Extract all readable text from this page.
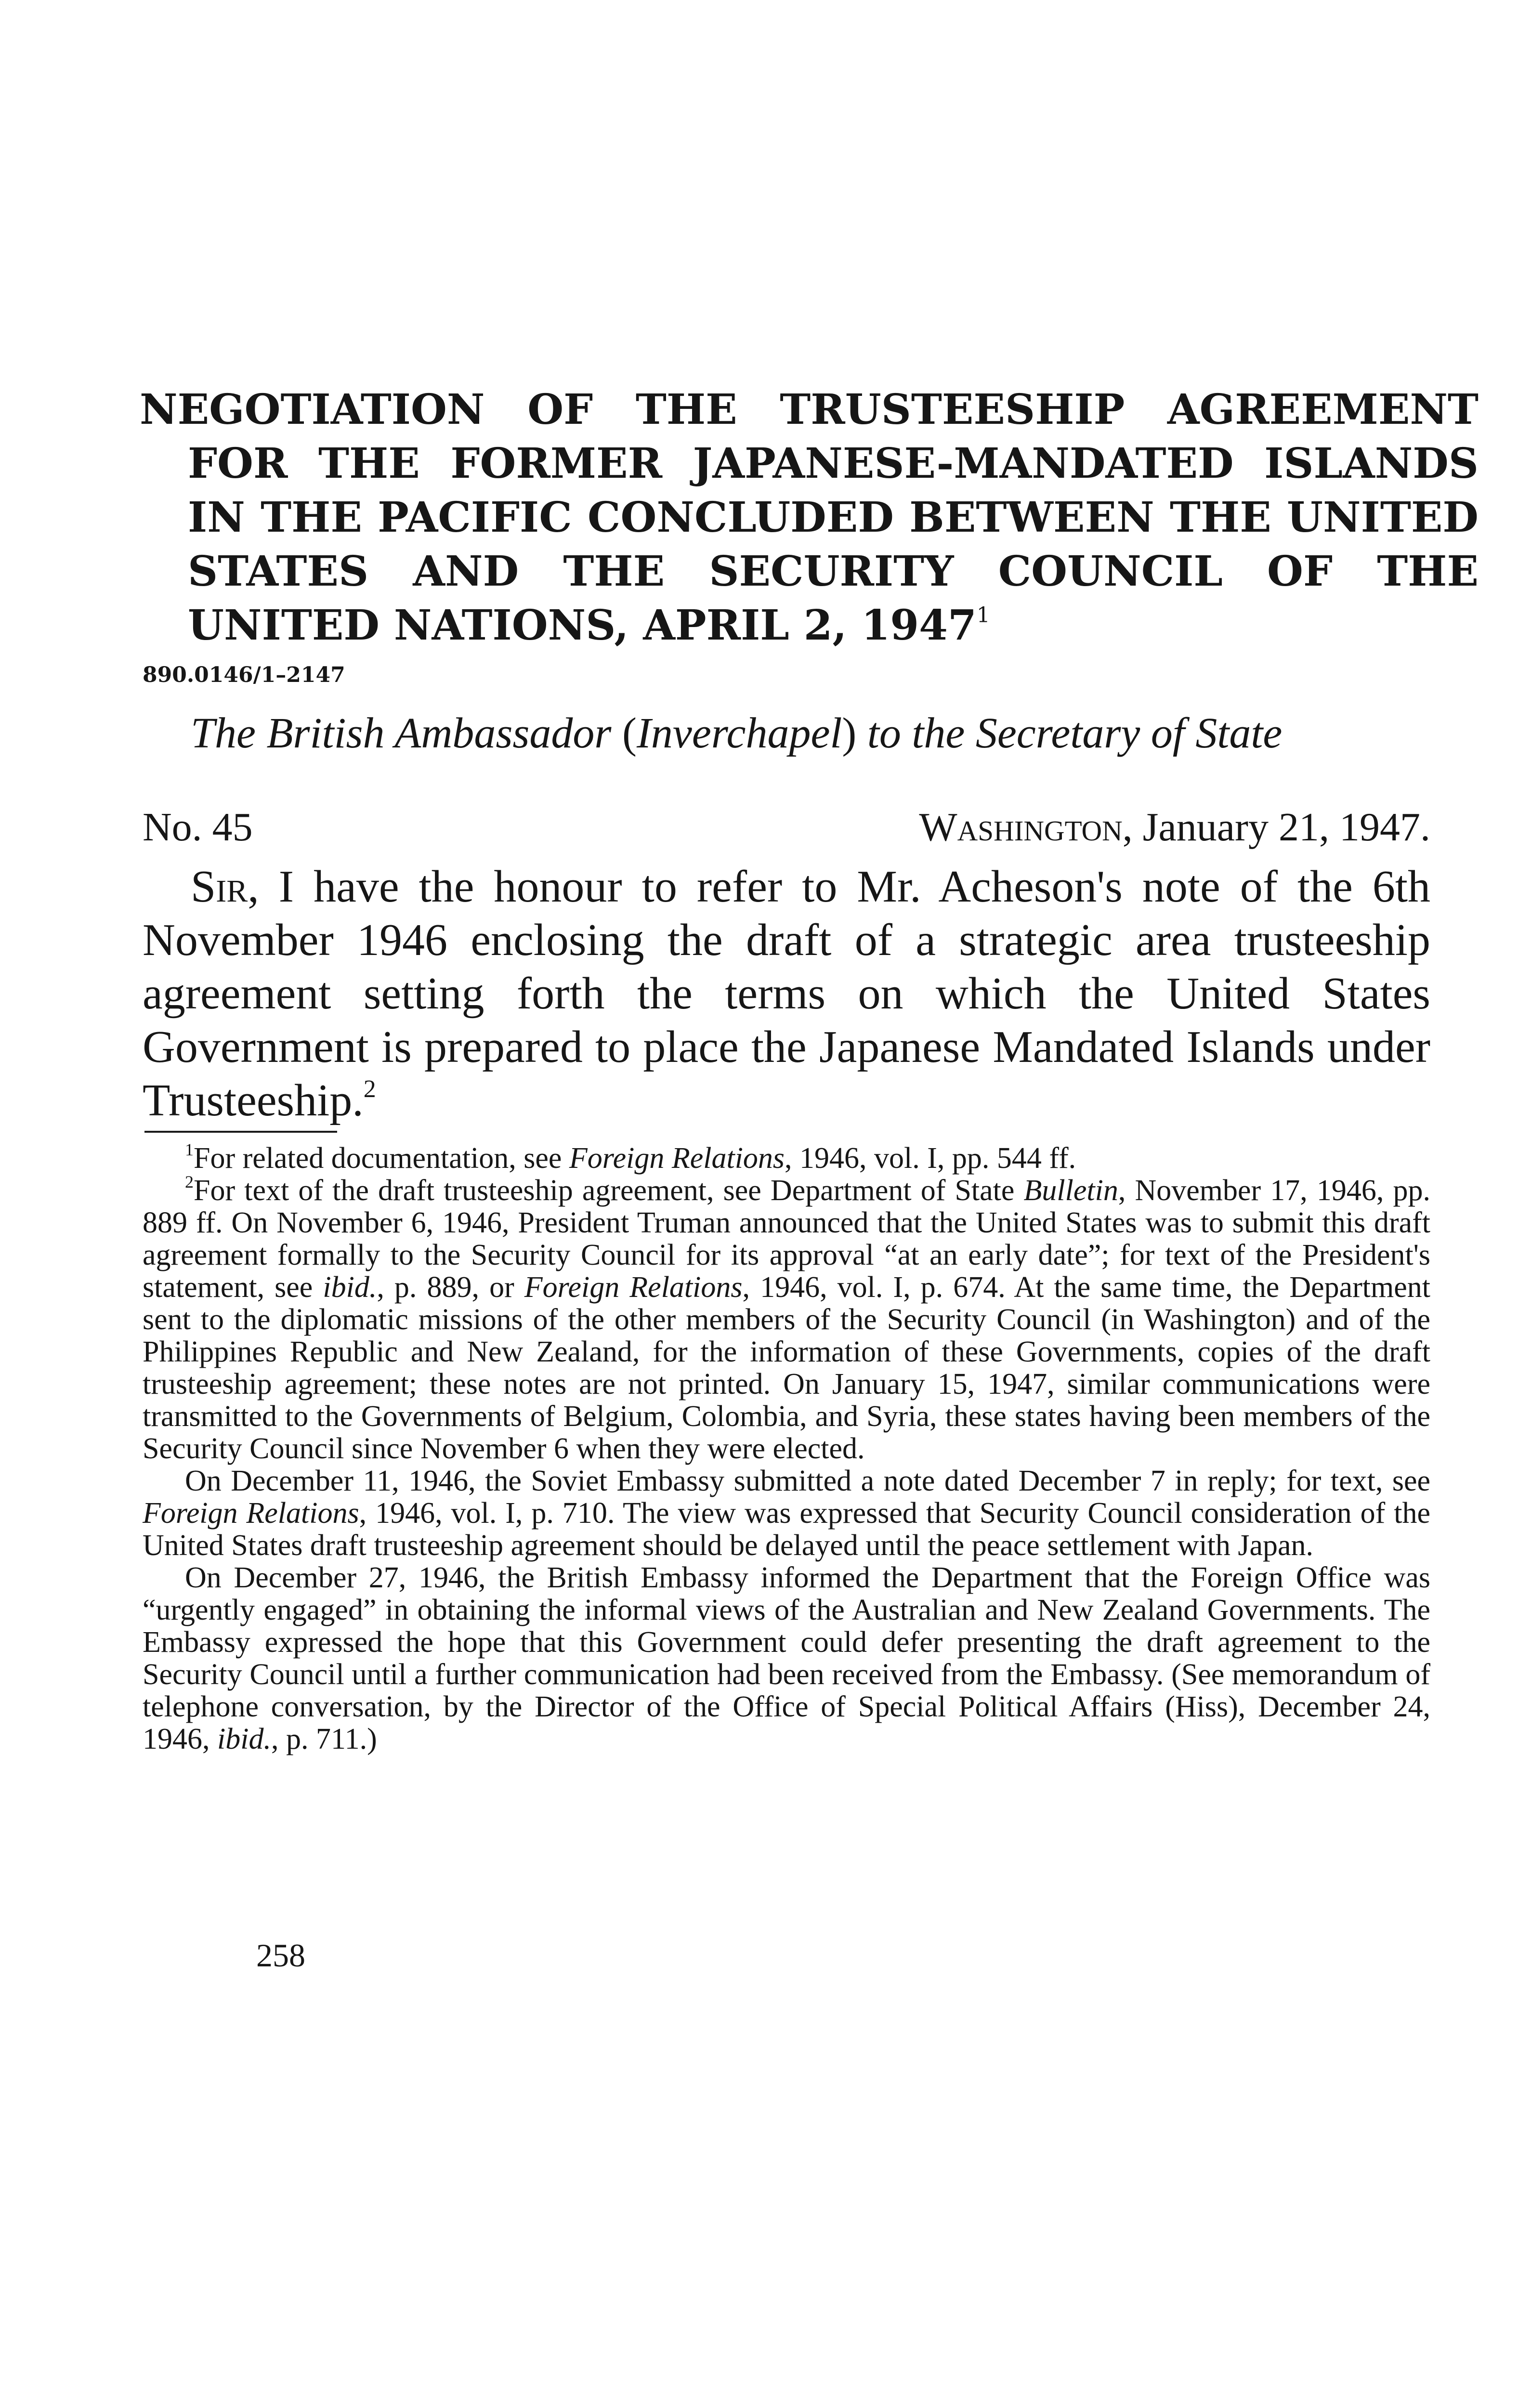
NEGOTIATION OF THE TRUSTEESHIP AGREEMENT FOR THE FORMER JAPANESE-MANDATED ISLANDS IN THE PACIFIC CONCLUDED BETWEEN THE UNITED STATES AND THE SECURITY COUNCIL OF THE UNITED NATIONS, APRIL 2, 1947$^1$
890.0146/1–2147
The British Ambassador (Inverchapel) to the Secretary of State
No. 45	Washington, January 21, 1947.

Sir, I have the honour to refer to Mr. Acheson's note of the 6th November 1946 enclosing the draft of a strategic area trusteeship agreement setting forth the terms on which the United States Government is prepared to place the Japanese Mandated Islands under Trusteeship.$^2$

$^1$For related documentation, see Foreign Relations, 1946, vol. I, pp. 544 ff.

$^2$For text of the draft trusteeship agreement, see Department of State Bulletin, November 17, 1946, pp. 889 ff. On November 6, 1946, President Truman announced that the United States was to submit this draft agreement formally to the Security Council for its approval “at an early date”; for text of the President's statement, see ibid., p. 889, or Foreign Relations, 1946, vol. I, p. 674. At the same time, the Department sent to the diplomatic missions of the other members of the Security Council (in Washington) and of the Philippines Republic and New Zealand, for the information of these Governments, copies of the draft trusteeship agreement; these notes are not printed. On January 15, 1947, similar communications were transmitted to the Governments of Belgium, Colombia, and Syria, these states having been members of the Security Council since November 6 when they were elected.

On December 11, 1946, the Soviet Embassy submitted a note dated December 7 in reply; for text, see Foreign Relations, 1946, vol. I, p. 710. The view was expressed that Security Council consideration of the United States draft trusteeship agreement should be delayed until the peace settlement with Japan.

On December 27, 1946, the British Embassy informed the Department that the Foreign Office was “urgently engaged” in obtaining the informal views of the Australian and New Zealand Governments. The Embassy expressed the hope that this Government could defer presenting the draft agreement to the Security Council until a further communication had been received from the Embassy. (See memorandum of telephone conversation, by the Director of the Office of Special Political Affairs (Hiss), December 24, 1946, ibid., p. 711.)

258
